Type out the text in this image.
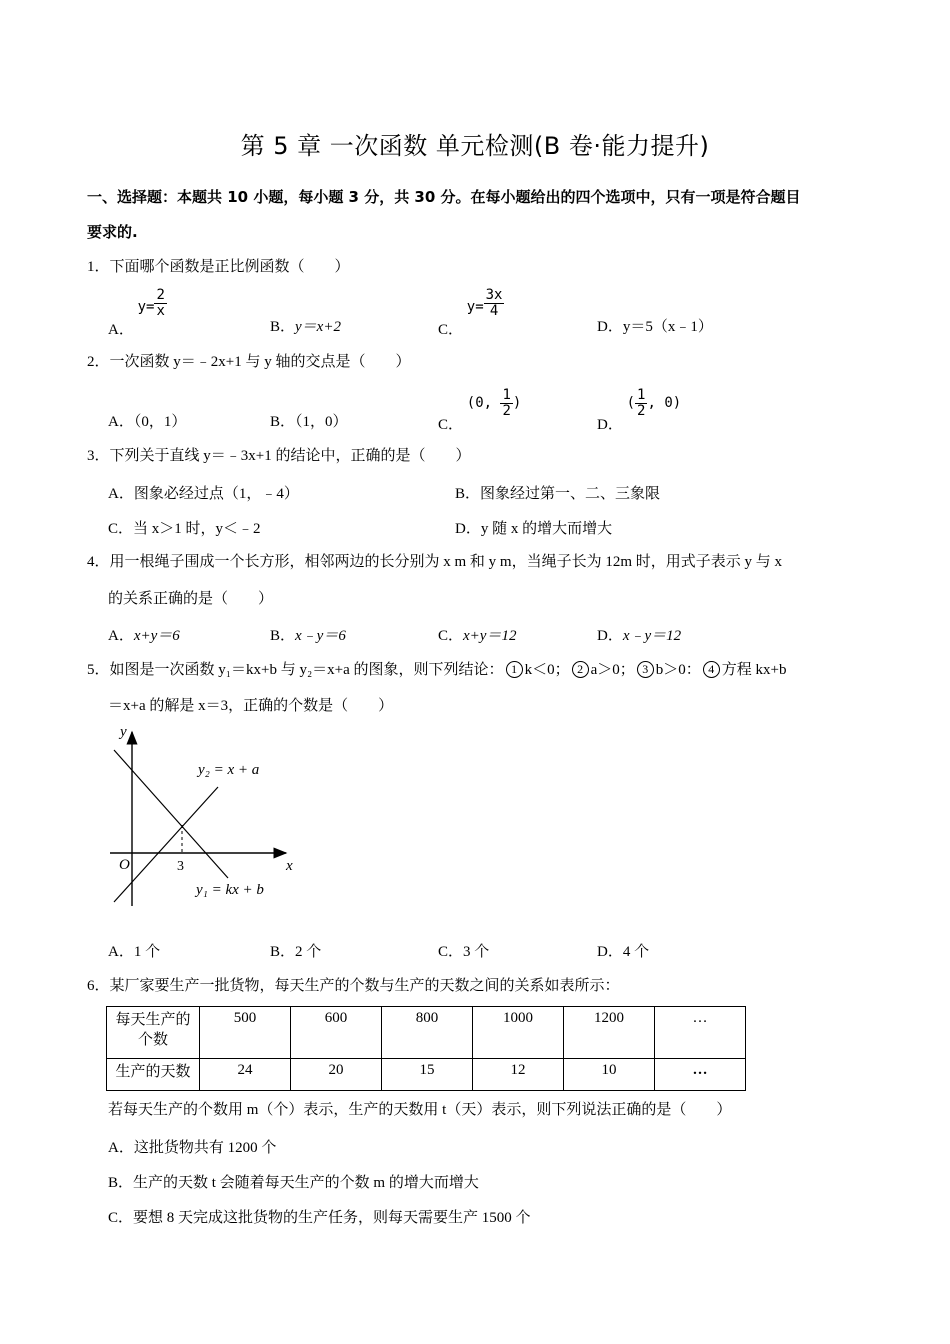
第 5 章 一次函数 单元检测(B 卷·能力提升)
一、选择题：本题共 10 小题，每小题 3 分，共 30 分。在每小题给出的四个选项中，只有一项是符合题目
要求的.
1．下面哪个函数是正比例函数（　　）
A． $y= \frac{2}{x}$
B．y＝x+2	C． $y= \frac{3x}{4}$
D．y＝5（x﹣1）
2．一次函数 y＝﹣2x+1 与 y 轴的交点是（　　）
A．（0，1）	B．（1，0）	C． (0, $\frac{1}{2}$ )
D． ( $\frac{1}{2}$ , 0)
3．下列关于直线 y＝﹣3x+1 的结论中，正确的是（　　）
A．图象必经过点（1，﹣4）	B．图象经过第一、二、三象限
C．当 x＞1 时，y＜﹣2	D．y 随 x 的增大而增大
4．用一根绳子围成一个长方形，相邻两边的长分别为 x m 和 y m，当绳子长为 12m 时，用式子表示 y 与 x
的关系正确的是（　　）
A．x+y＝6	B．x﹣y＝6	C．x+y＝12	D．x﹣y＝12
5．如图是一次函数 y₁＝kx+b 与 y₂＝x+a 的图象，则下列结论： 1 k＜0； 2 a＞0； 3 b＞0： 4 方程 kx+b
＝x+a 的解是 x＝3，正确的个数是（　　）
y
x
O	3
y₂ = x + a
y₁ = kx + b
A．1 个	B．2 个	C．3 个	D．4 个
6．某厂家要生产一批货物，每天生产的个数与生产的天数之间的关系如表所示：
每天生产的
个数	500	600	800	1000	1200	…
生产的天数	24	20	15	12	10	…
若每天生产的个数用 m（个）表示，生产的天数用 t（天）表示，则下列说法正确的是（　　）
A．这批货物共有 1200 个
B．生产的天数 t 会随着每天生产的个数 m 的增大而增大
C．要想 8 天完成这批货物的生产任务，则每天需要生产 1500 个
